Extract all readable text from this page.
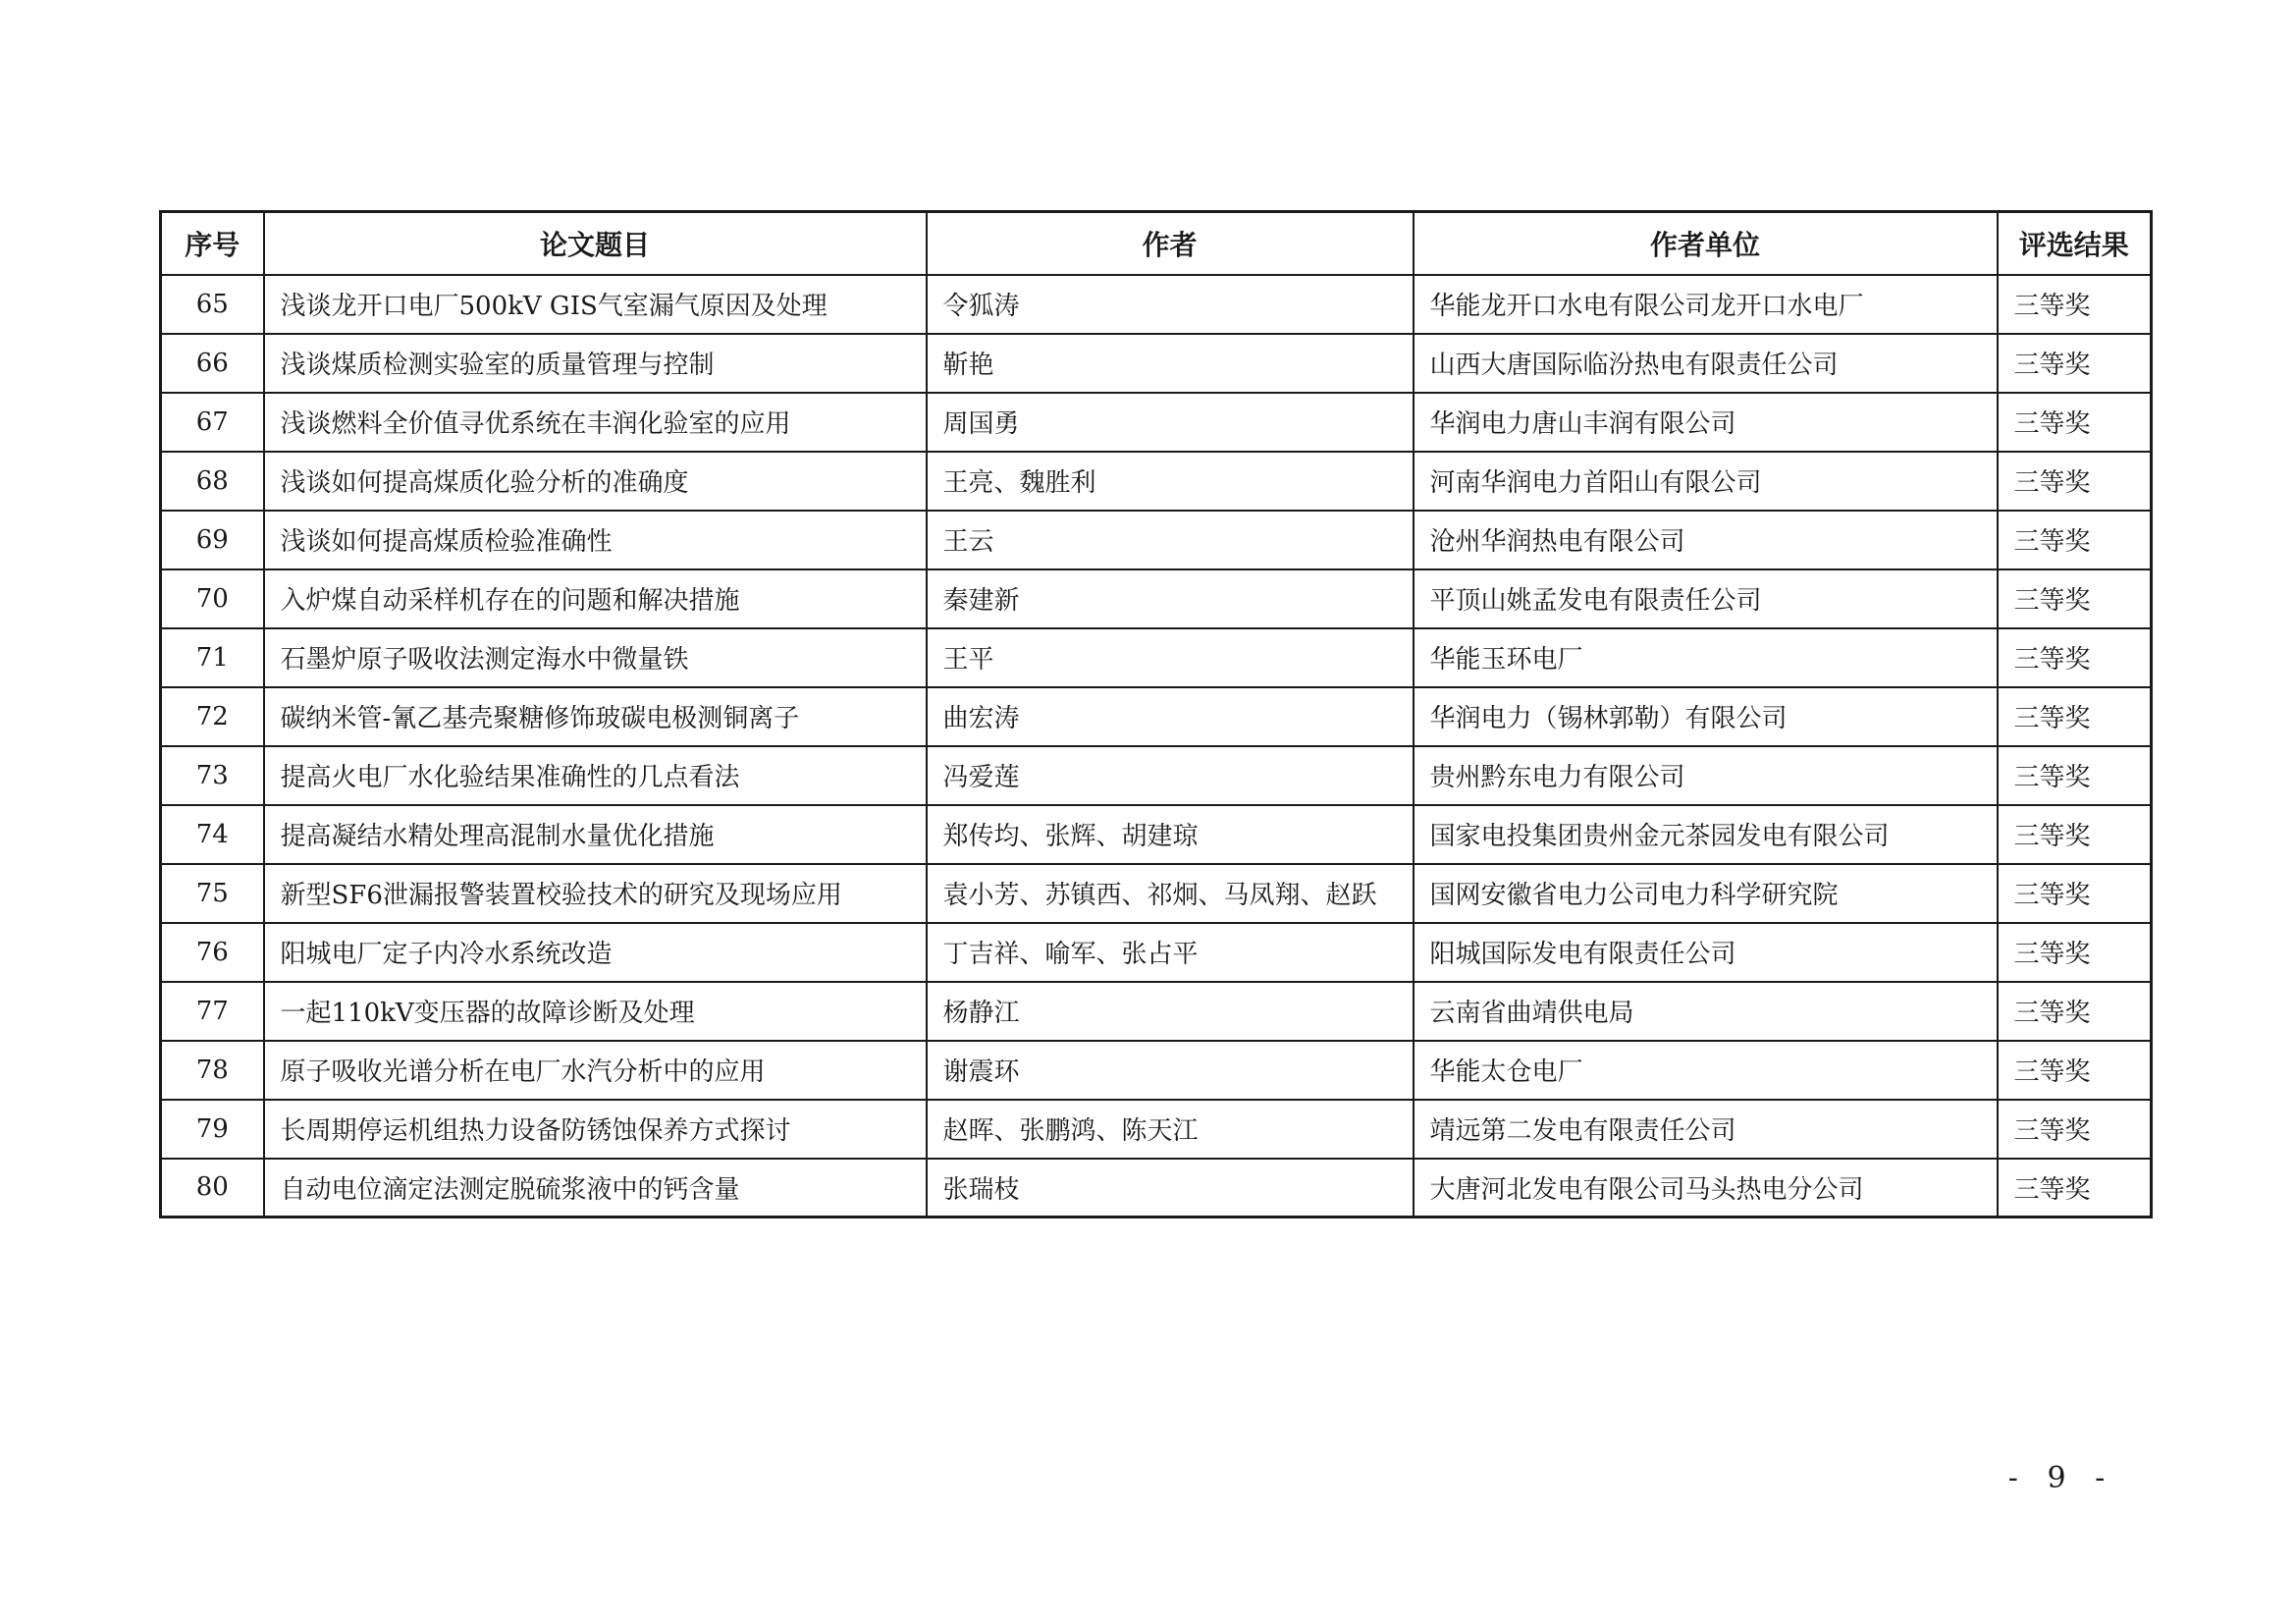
序号	论文题目	作者	作者单位	评选结果
65	浅谈龙开口电厂500kV GIS气室漏气原因及处理	令狐涛	华能龙开口水电有限公司龙开口水电厂	三等奖
66	浅谈煤质检测实验室的质量管理与控制	靳艳	山西大唐国际临汾热电有限责任公司	三等奖
67	浅谈燃料全价值寻优系统在丰润化验室的应用	周国勇	华润电力唐山丰润有限公司	三等奖
68	浅谈如何提高煤质化验分析的准确度	王亮、魏胜利	河南华润电力首阳山有限公司	三等奖
69	浅谈如何提高煤质检验准确性	王云	沧州华润热电有限公司	三等奖
70	入炉煤自动采样机存在的问题和解决措施	秦建新	平顶山姚孟发电有限责任公司	三等奖
71	石墨炉原子吸收法测定海水中微量铁	王平	华能玉环电厂	三等奖
72	碳纳米管-氰乙基壳聚糖修饰玻碳电极测铜离子	曲宏涛	华润电力（锡林郭勒）有限公司	三等奖
73	提高火电厂水化验结果准确性的几点看法	冯爱莲	贵州黔东电力有限公司	三等奖
74	提高凝结水精处理高混制水量优化措施	郑传均、张辉、胡建琼	国家电投集团贵州金元茶园发电有限公司	三等奖
75	新型SF6泄漏报警装置校验技术的研究及现场应用	袁小芳、苏镇西、祁炯、马凤翔、赵跃	国网安徽省电力公司电力科学研究院	三等奖
76	阳城电厂定子内冷水系统改造	丁吉祥、喻军、张占平	阳城国际发电有限责任公司	三等奖
77	一起110kV变压器的故障诊断及处理	杨静江	云南省曲靖供电局	三等奖
78	原子吸收光谱分析在电厂水汽分析中的应用	谢震环	华能太仓电厂	三等奖
79	长周期停运机组热力设备防锈蚀保养方式探讨	赵晖、张鹏鸿、陈天江	靖远第二发电有限责任公司	三等奖
80	自动电位滴定法测定脱硫浆液中的钙含量	张瑞枝	大唐河北发电有限公司马头热电分公司	三等奖
- 9 -
